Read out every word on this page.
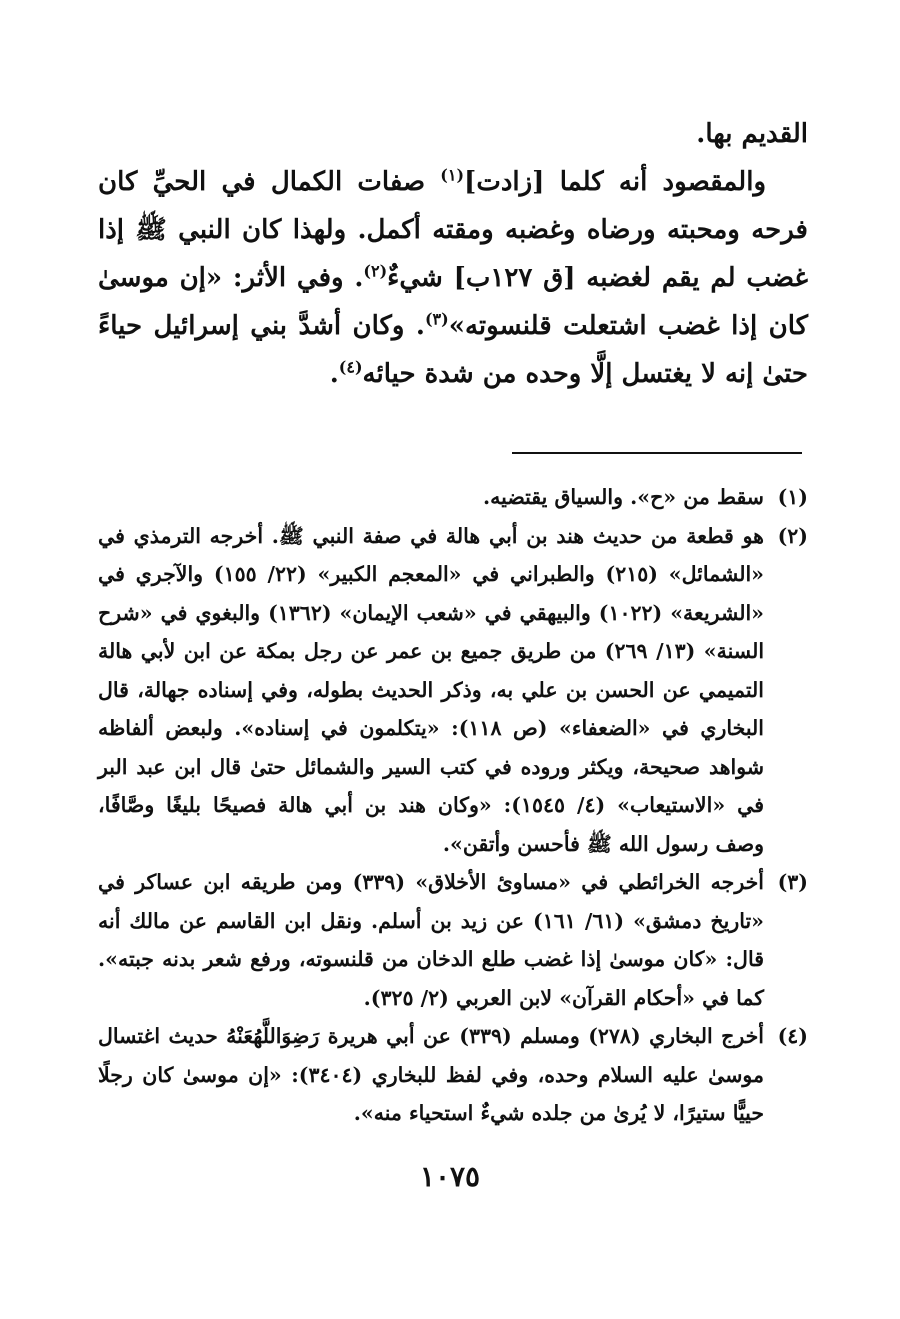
القديم بها.

والمقصود أنه كلما [زادت]$^{(١)}$ صفات الكمال في الحيِّ كان فرحه ومحبته ورضاه وغضبه ومقته أكمل. ولهذا كان النبي ﷺ إذا غضب لم يقم لغضبه [ق ١٢٧ب] شيءٌ$^{(٢)}$. وفي الأثر: «إن موسىٰ كان إذا غضب اشتعلت قلنسوته»$^{(٣)}$. وكان أشدَّ بني إسرائيل حياءً حتىٰ إنه لا يغتسل إلَّا وحده من شدة حيائه$^{(٤)}$.

(١)
سقط من «ح». والسياق يقتضيه.
(٢)
هو قطعة من حديث هند بن أبي هالة في صفة النبي ﷺ. أخرجه الترمذي في «الشمائل» (٢١٥) والطبراني في «المعجم الكبير» (٢٢/ ١٥٥) والآجري في «الشريعة» (١٠٢٢) والبيهقي في «شعب الإيمان» (١٣٦٢) والبغوي في «شرح السنة» (١٣/ ٢٦٩) من طريق جميع بن عمر عن رجل بمكة عن ابن لأبي هالة التميمي عن الحسن بن علي به، وذكر الحديث بطوله، وفي إسناده جهالة، قال البخاري في «الضعفاء» (ص ١١٨): «يتكلمون في إسناده». ولبعض ألفاظه شواهد صحيحة، ويكثر وروده في كتب السير والشمائل حتىٰ قال ابن عبد البر في «الاستيعاب» (٤/ ١٥٤٥): «وكان هند بن أبي هالة فصيحًا بليغًا وصَّافًا، وصف رسول الله ﷺ فأحسن وأتقن».
(٣)
أخرجه الخرائطي في «مساوئ الأخلاق» (٣٣٩) ومن طريقه ابن عساكر في «تاريخ دمشق» (٦١/ ١٦١) عن زيد بن أسلم. ونقل ابن القاسم عن مالك أنه قال: «كان موسىٰ إذا غضب طلع الدخان من قلنسوته، ورفع شعر بدنه جبته». كما في «أحكام القرآن» لابن العربي (٢/ ٣٢٥).
(٤)
أخرج البخاري (٢٧٨) ومسلم (٣٣٩) عن أبي هريرة رَضِوَاللَّهُعَنْهُ حديث اغتسال موسىٰ عليه السلام وحده، وفي لفظ للبخاري (٣٤٠٤): «إن موسىٰ كان رجلًا حييًّا ستيرًا، لا يُرىٰ من جلده شيءٌ استحياء منه».
١٠٧٥
